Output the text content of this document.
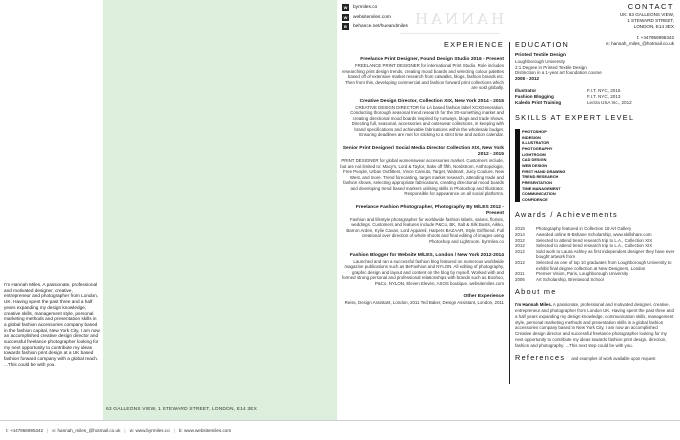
I'm Hannah Miles. A passionate, professional and motivated designer, creative, entrepreneur and photographer from London, UK. Having spent the past three and a half years expanding my design knowledge, creative skills, management style, personal marketing methods and presentation skills in a global fashion accessories company based in the fashion capital, New York City, I am now an accomplished creative design director and successful freelance photographer looking for my next opportunity to contribute my ideas towards fashion print design at a UK based fashion forward company with a global reach. ...This could be with you.

63 GALLEONS VIEW, 1 STEWARD STREET, LONDON, E14 3EX
W	byrmiles.co
W	websitemiles.com
B	behance.net/hueandmiles HANNAH
CONTACT
UK: 63 GALLEONS VIEW,
1 STEWARD STREET,
LONDON, E14 3EX
t: +447956995342
e: hannah_miles_@hotmail.co.uk
EXPERIENCE
Freelance Print Designer, Found Design Studio 2016 - Present
FREELANCE PRINT DESIGNER for international Print Studio. Role includes researching print design trends, creating mood boards and selecting colour palettes based off of extensive market research from catwalks, blogs, fashion brands etc. Then from this, developing commercial and fashion forward print collections which are sold globally.
Creative Design Director, Collection XIX, New York 2014 - 2015
CREATIVE DESIGN DIRECTOR for LA based fashion label XCXGeneration. Conducting thorough seasonal trend research for the 20-something market and creating directional mood boards inspired by runways, blogs and trade shows. Directing full, seasonal, accessories and outerwear collections, in keeping with brand specifications and achievable fabrications within the wholesale budget. Ensuring deadlines are met for sticking to a strict time and action calendar.
Senior Print Designer/ Social Media Director Collection XIX, New York 2012 - 2015
PRINT DESIGNER for global womenswear accessories market. Customers include, but are not limited to: Macy's, Lord & Taylor, Saks off fifth, Nordstrom, Anthropologie, Free People, Urban Outfitters, Vince Camuto, Target, Walmart, Juicy Couture, New West, and more. Trend forecasting, target market research, attending trade and fashion shows, selecting appropriate fabrications, creating directional mood boards and developing trend based markers utilising skills in Photoshop and Illustrator. Responsible for appearance on all social platforms.
Freelance Fashion Photographer, Photography By M/LES 2012 - Present
Fashion and lifestyle photographer for worldwide fashion labels, salons, florists, weddings. Customers and features include P&Co, BK, Salt & Silk Busts, Aikko, Barron Arden, Kylie Cavan, Lord Appareil, Harpers BAZAAR, Style Girlfriend. Full creational over direction of whole shoots and final editing of images using Photoshop and Lightroom. byrmiles.co
Fashion Blogger for Website M/LES, London / New York 2012-2014
Launched and ran a successful fashion blog featured on numerous worldwide magazine publications such as BeFashion and NYLON. All editing of photography, graphic design and layout and content on the blog by myself. Worked with and formed strong personal and professional relationships with brands such as Boohoo, P&Co, NYLON, Eleven Eleven, ASOS boutique. websitemiles.com
Other Experience
Reiss, Design Assistant, London, 2011 Ted Baker, Design Assistant, London, 2011
EDUCATION
Printed Textile Design
Loughborough University
2:1 Degree in Printed Textile Design
Distinction in a 1-year art foundation course
2008 - 2012
Illustrator	F.I.T. NYC, 2015
Fashion Blogging	F.I.T. NYC, 2013
Kaledo Print Training	Lectra USA Inc., 2012
SKILLS AT EXPERT LEVEL
PHOTOSHOP
INDESIGN
ILLUSTRATOR
PHOTOGRAPHY
LIGHTROOM
CAD DESIGN
WEB DESIGN
FIRST HAND DRAWING
TREND RESEARCH
PRESENTATION
TIME MANAGEMENT
COMMUNICATION
CONFIDENCE
Awards / Achievements
2015	Photography featured in Collection 18 Art Gallery
2014	Awarded online B-Bshane Scholarship, www.skillshare.com
2012	Selected to attend trend research trip to L.A., Collection XIX
2012	Selected to attend trend research trip to L.A., Collection XIX
2012	Sold work to Laura Ashley as first independent designer they have ever bought artwork from
2012	Selected as one of top 10 graduates from Loughborough University to exhibit final degree collection at New Designers, London
2011	Premier Vision, Paris, Loughborough University
2006	Art Scholarship, Brentwood School
About me
I'm Hannah Miles. A passionate, professional and motivated designer, creative, entrepreneur and photographer from London UK. Having spent the past three and a half years expanding my design knowledge, communication skills, management style, personal marketing methods and presentation skills in a global fashion accessories company based in New York City, I am now an accomplished Creative design director and successful freelance photographer looking for my next opportunity to contribute my ideas towards fashion print design, direction, fashion and photography. ...This next step could be with you.
References and examples of work available upon request
t: +447956995342 | e: hannah_miles_@hotmail.co.uk | w: www.byrmiles.co | b: www.websitemiles.com
